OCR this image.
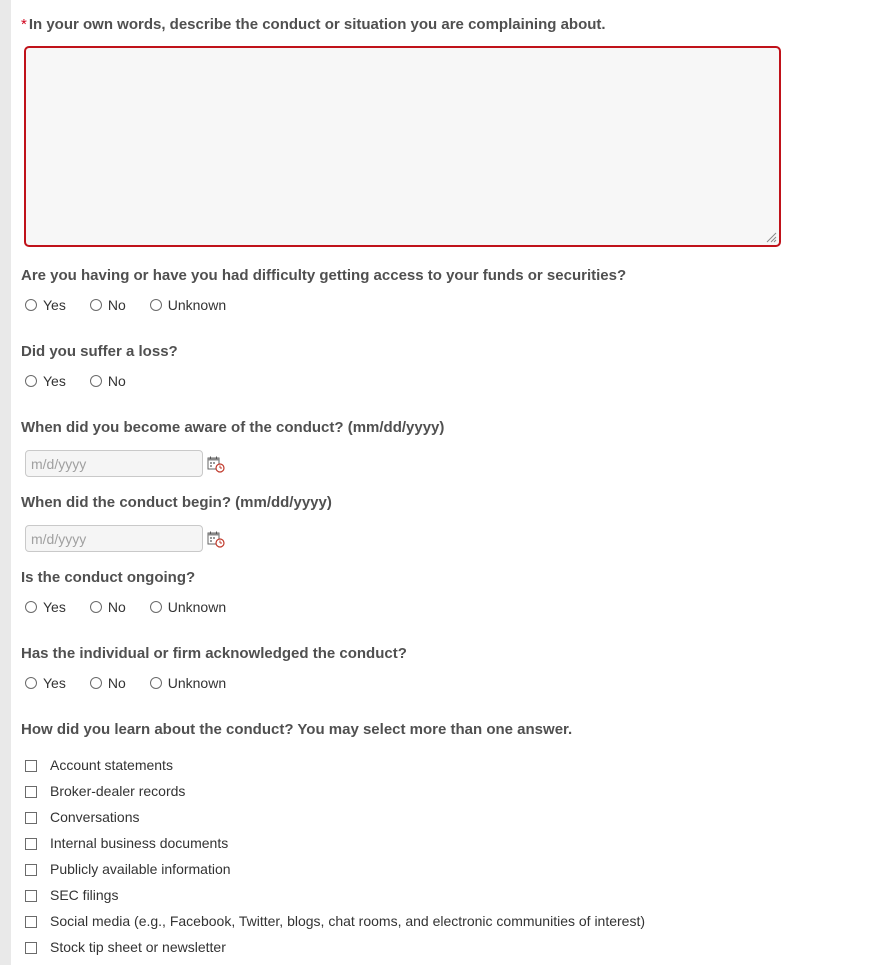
* In your own words, describe the conduct or situation you are complaining about.
Are you having or have you had difficulty getting access to your funds or securities?
Yes	No	Unknown
Did you suffer a loss?
Yes	No
When did you become aware of the conduct? (mm/dd/yyyy)
m/d/yyyy
When did the conduct begin? (mm/dd/yyyy)
m/d/yyyy
Is the conduct ongoing?
Yes	No	Unknown
Has the individual or firm acknowledged the conduct?
Yes	No	Unknown
How did you learn about the conduct? You may select more than one answer.
Account statements
Broker-dealer records
Conversations
Internal business documents
Publicly available information
SEC filings
Social media (e.g., Facebook, Twitter, blogs, chat rooms, and electronic communities of interest)
Stock tip sheet or newsletter
